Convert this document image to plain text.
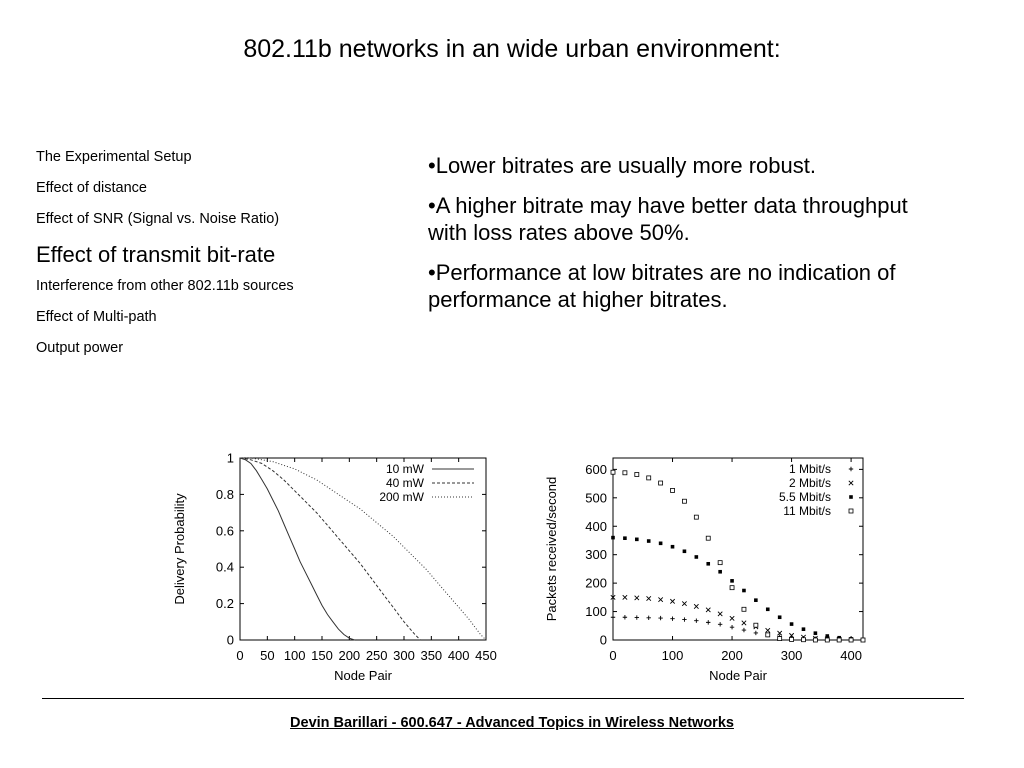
802.11b networks in an wide urban environment:
The Experimental Setup
Effect of distance
Effect of SNR (Signal vs. Noise Ratio)
Effect of transmit bit-rate
Interference from other 802.11b sources
Effect of Multi-path
Output power
•Lower bitrates are usually more robust.
•A higher bitrate may have better data throughput with loss rates above 50%.
•Performance at low bitrates are no indication of performance at higher bitrates.
0 50 100 150 200 250 300 350 400 450
0
0.2
0.4
0.6
0.8
1
Node Pair
Delivery Probability
10 mW
40 mW
200 mW
0	100	200	300	400
0
100
200
300
400
500
600
Node Pair
Packets received/second
1 Mbit/s
2 Mbit/s
5.5 Mbit/s
11 Mbit/s
Devin Barillari - 600.647 - Advanced Topics in Wireless Networks
